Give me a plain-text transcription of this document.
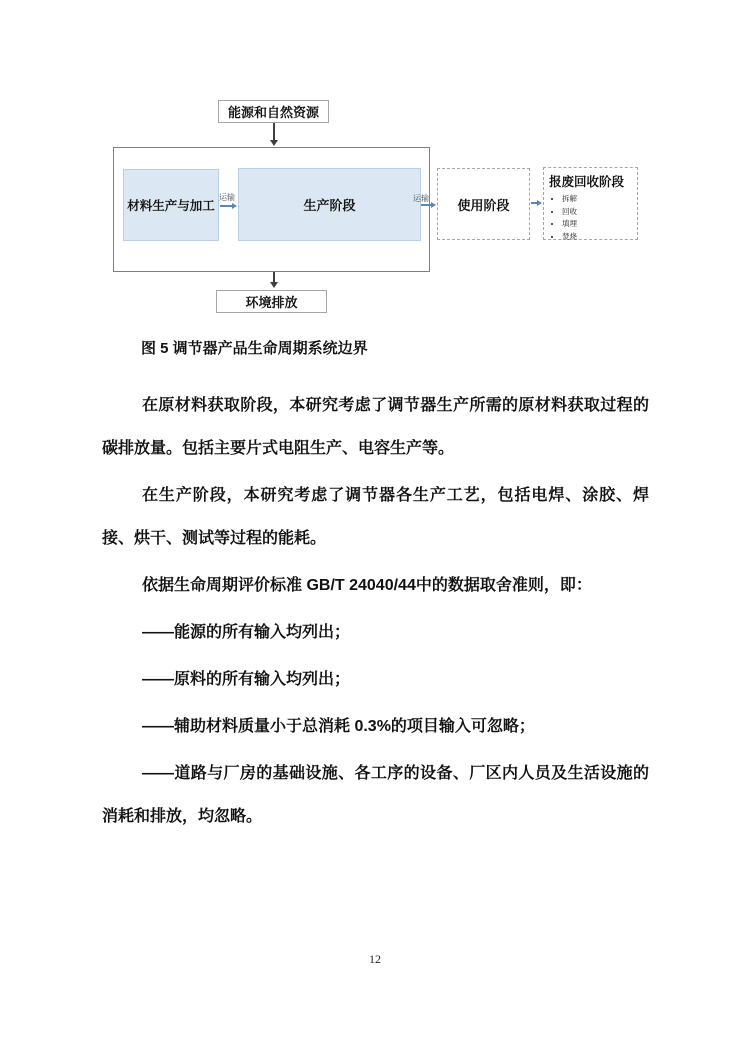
能源和自然资源
材料生产与加工	生产阶段
运输	运输 使用阶段
报废回收阶段
• 拆解
• 回收
• 填埋
• 焚烧
环境排放

图 5 调节器产品生命周期系统边界

在原材料获取阶段，本研究考虑了调节器生产所需的原材料获取过程的碳排放量。包括主要片式电阻生产、电容生产等。

在生产阶段，本研究考虑了调节器各生产工艺，包括电焊、涂胶、焊接、烘干、测试等过程的能耗。

依据生命周期评价标准 GB/T 24040/44中的数据取舍准则，即：

——能源的所有输入均列出；

——原料的所有输入均列出；

——辅助材料质量小于总消耗 0.3%的项目输入可忽略；

——道路与厂房的基础设施、各工序的设备、厂区内人员及生活设施的消耗和排放，均忽略。

12
